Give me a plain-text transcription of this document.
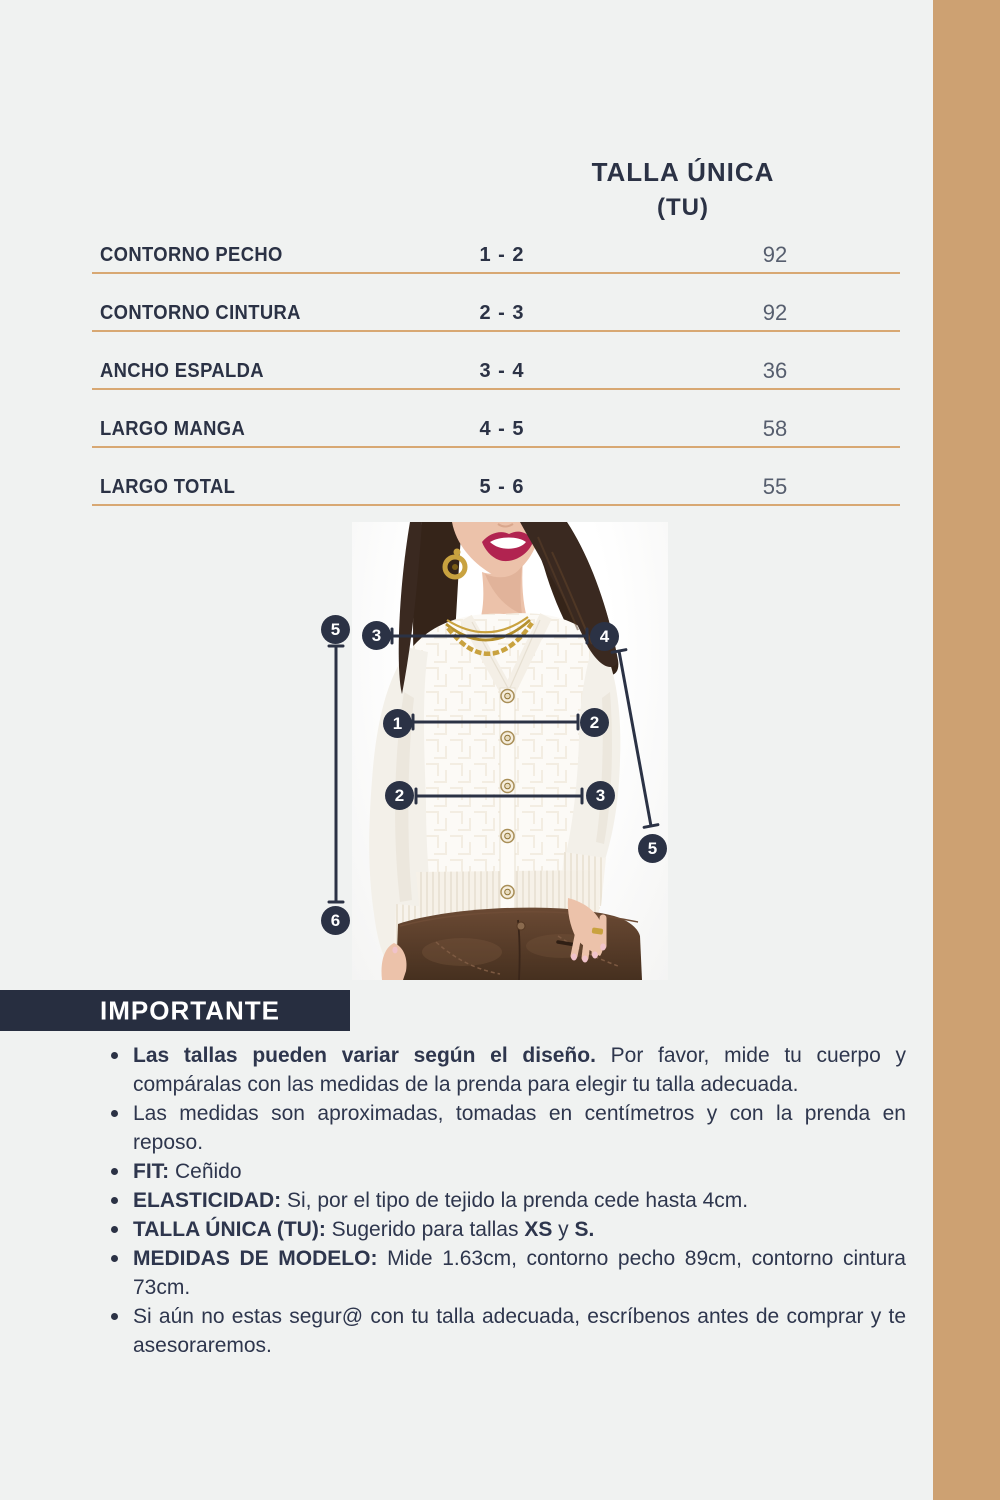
TALLA ÚNICA
(TU)
CONTORNO PECHO	1 - 2	92
CONTORNO CINTURA	2 - 3	92
ANCHO ESPALDA	3 - 4	36
LARGO MANGA	4 - 5	58
LARGO TOTAL	5 - 6	55
5	3	4
1	2
2	3
5
6
IMPORTANTE
Las tallas pueden variar según el diseño. Por favor, mide tu cuerpo y compáralas con las medidas de la prenda para elegir tu talla adecuada.
Las medidas son aproximadas, tomadas en centímetros y con la prenda en reposo.
FIT: Ceñido
ELASTICIDAD: Si, por el tipo de tejido la prenda cede hasta 4cm.
TALLA ÚNICA (TU): Sugerido para tallas XS y S.
MEDIDAS DE MODELO: Mide 1.63cm, contorno pecho 89cm, contorno cintura 73cm.
Si aún no estas segur@ con tu talla adecuada, escríbenos antes de comprar y te asesoraremos.
